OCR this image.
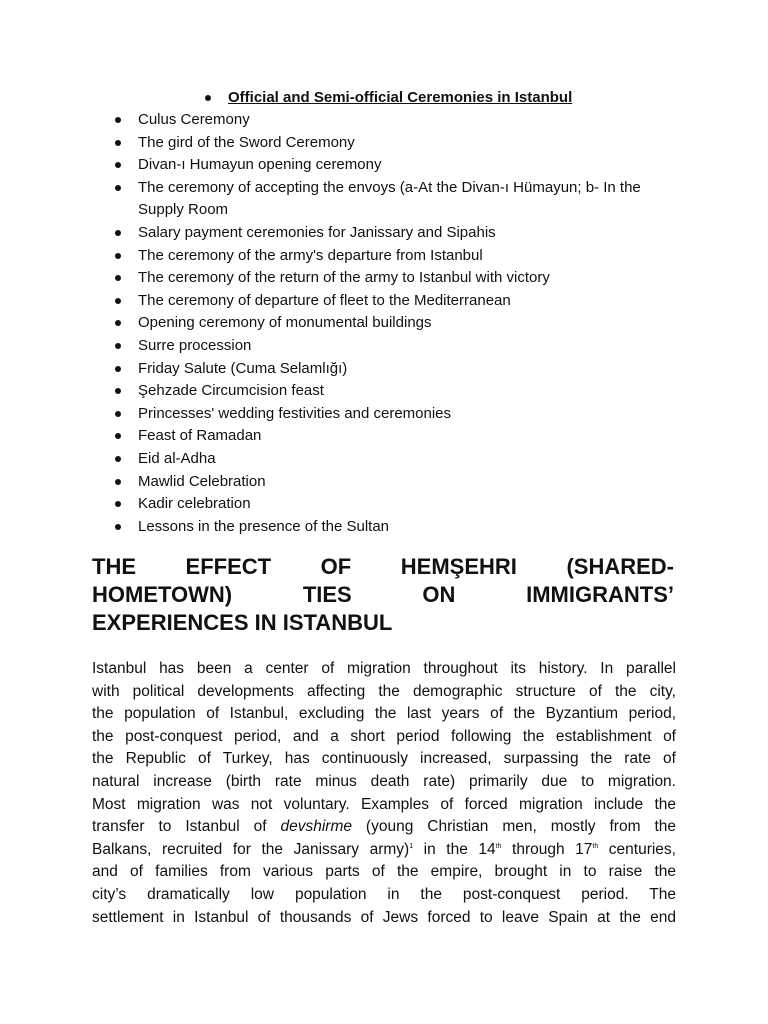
Official and Semi-official Ceremonies in Istanbul
Culus Ceremony
The gird of the Sword Ceremony
Divan-ı Humayun opening ceremony
The ceremony of accepting the envoys (a-At the Divan-ı Hümayun; b- In the Supply Room
Salary payment ceremonies for Janissary and Sipahis
The ceremony of the army's departure from Istanbul
The ceremony of the return of the army to Istanbul with victory
The ceremony of departure of fleet to the Mediterranean
Opening ceremony of monumental buildings
Surre procession
Friday Salute (Cuma Selamlığı)
Şehzade Circumcision feast
Princesses' wedding festivities and ceremonies
Feast of Ramadan
Eid al-Adha
Mawlid Celebration
Kadir celebration
Lessons in the presence of the Sultan
THE EFFECT OF HEMŞEHRI (SHARED-
HOMETOWN) TIES ON IMMIGRANTS’
EXPERIENCES IN ISTANBUL

Istanbul has been a center of migration throughout its history. In parallel
with political developments affecting the demographic structure of the city,
the population of Istanbul, excluding the last years of the Byzantium period,
the post-conquest period, and a short period following the establishment of
the Republic of Turkey, has continuously increased, surpassing the rate of
natural increase (birth rate minus death rate) primarily due to migration.
Most migration was not voluntary. Examples of forced migration include the
transfer to Istanbul of devshirme (young Christian men, mostly from the
Balkans, recruited for the Janissary army)$^1$ in the 14th through 17th centuries,
and of families from various parts of the empire, brought in to raise the
city’s dramatically low population in the post-conquest period. The
settlement in Istanbul of thousands of Jews forced to leave Spain at the end
